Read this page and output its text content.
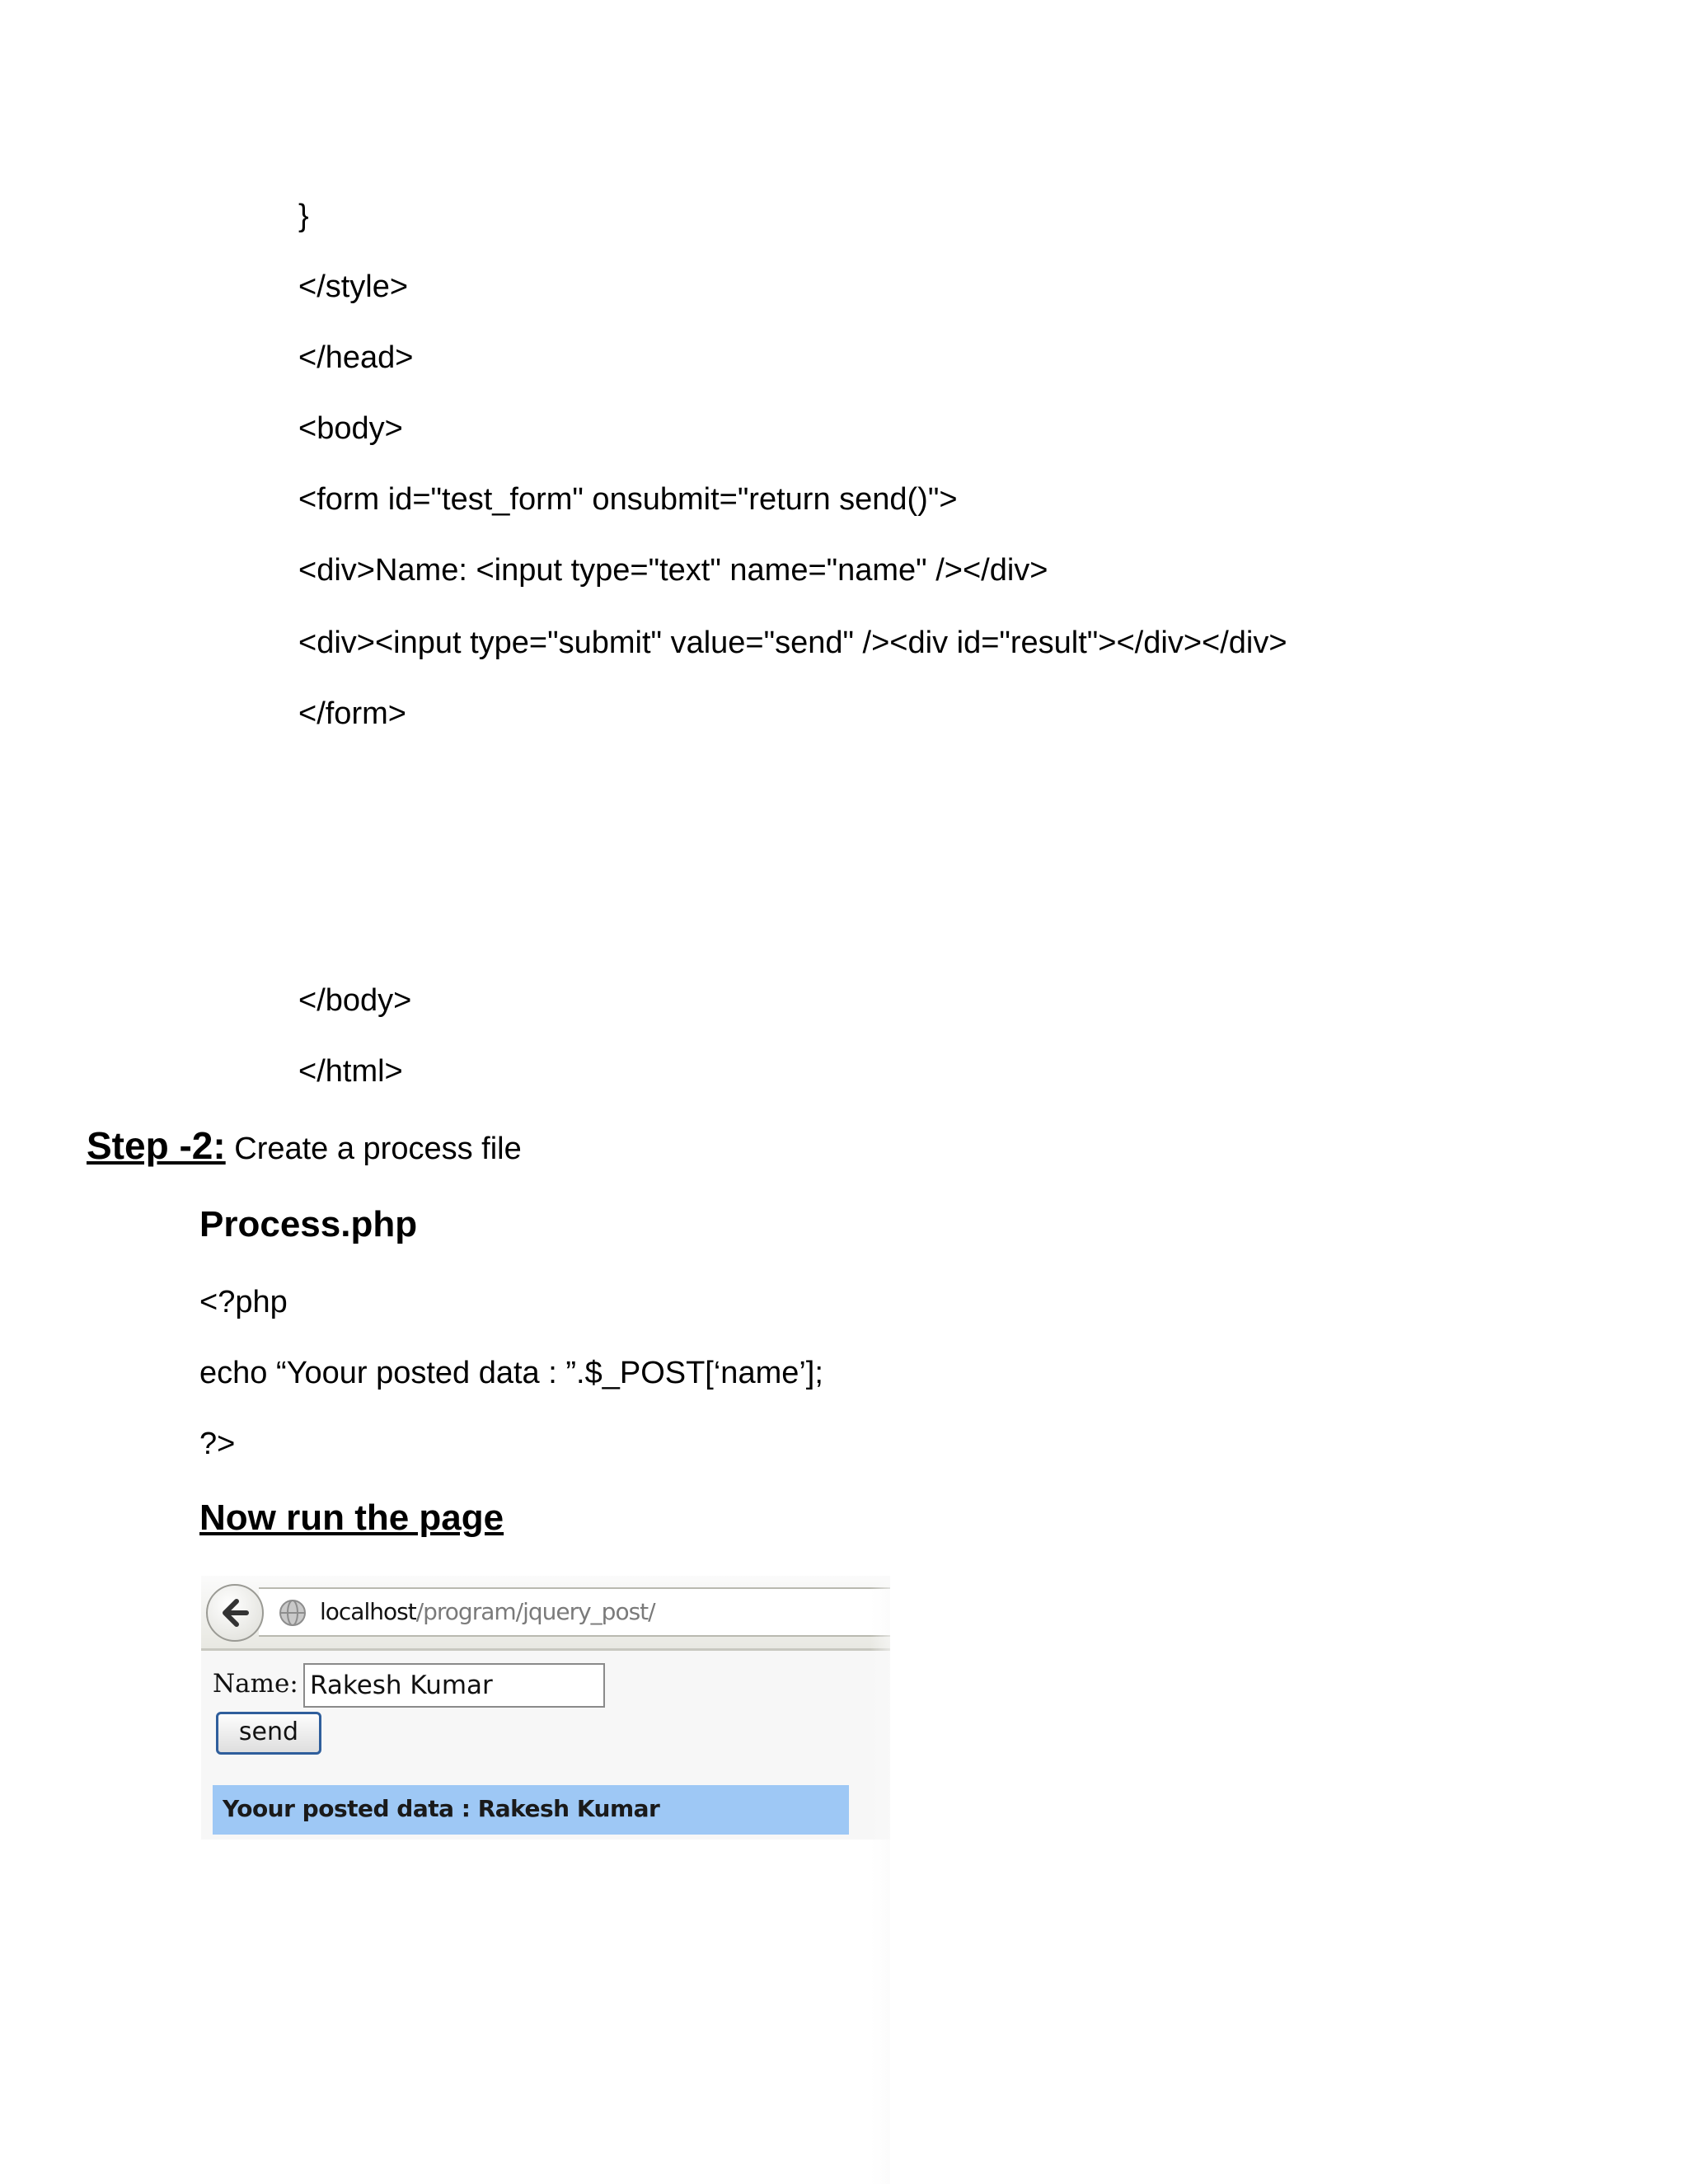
}
</style>
</head>
<body>
<form id="test_form" onsubmit="return send()">
<div>Name: <input type="text" name="name" /></div>
<div><input type="submit" value="send" /><div id="result"></div></div>
</form>
</body>
</html>
Step -2: Create a process file
Process.php
<?php
echo “Yoour posted data : ”.$_POST[‘name’];
?>
Now run the page
localhost/program/jquery_post/
Name: Rakesh Kumar
send
Yoour posted data : Rakesh Kumar
